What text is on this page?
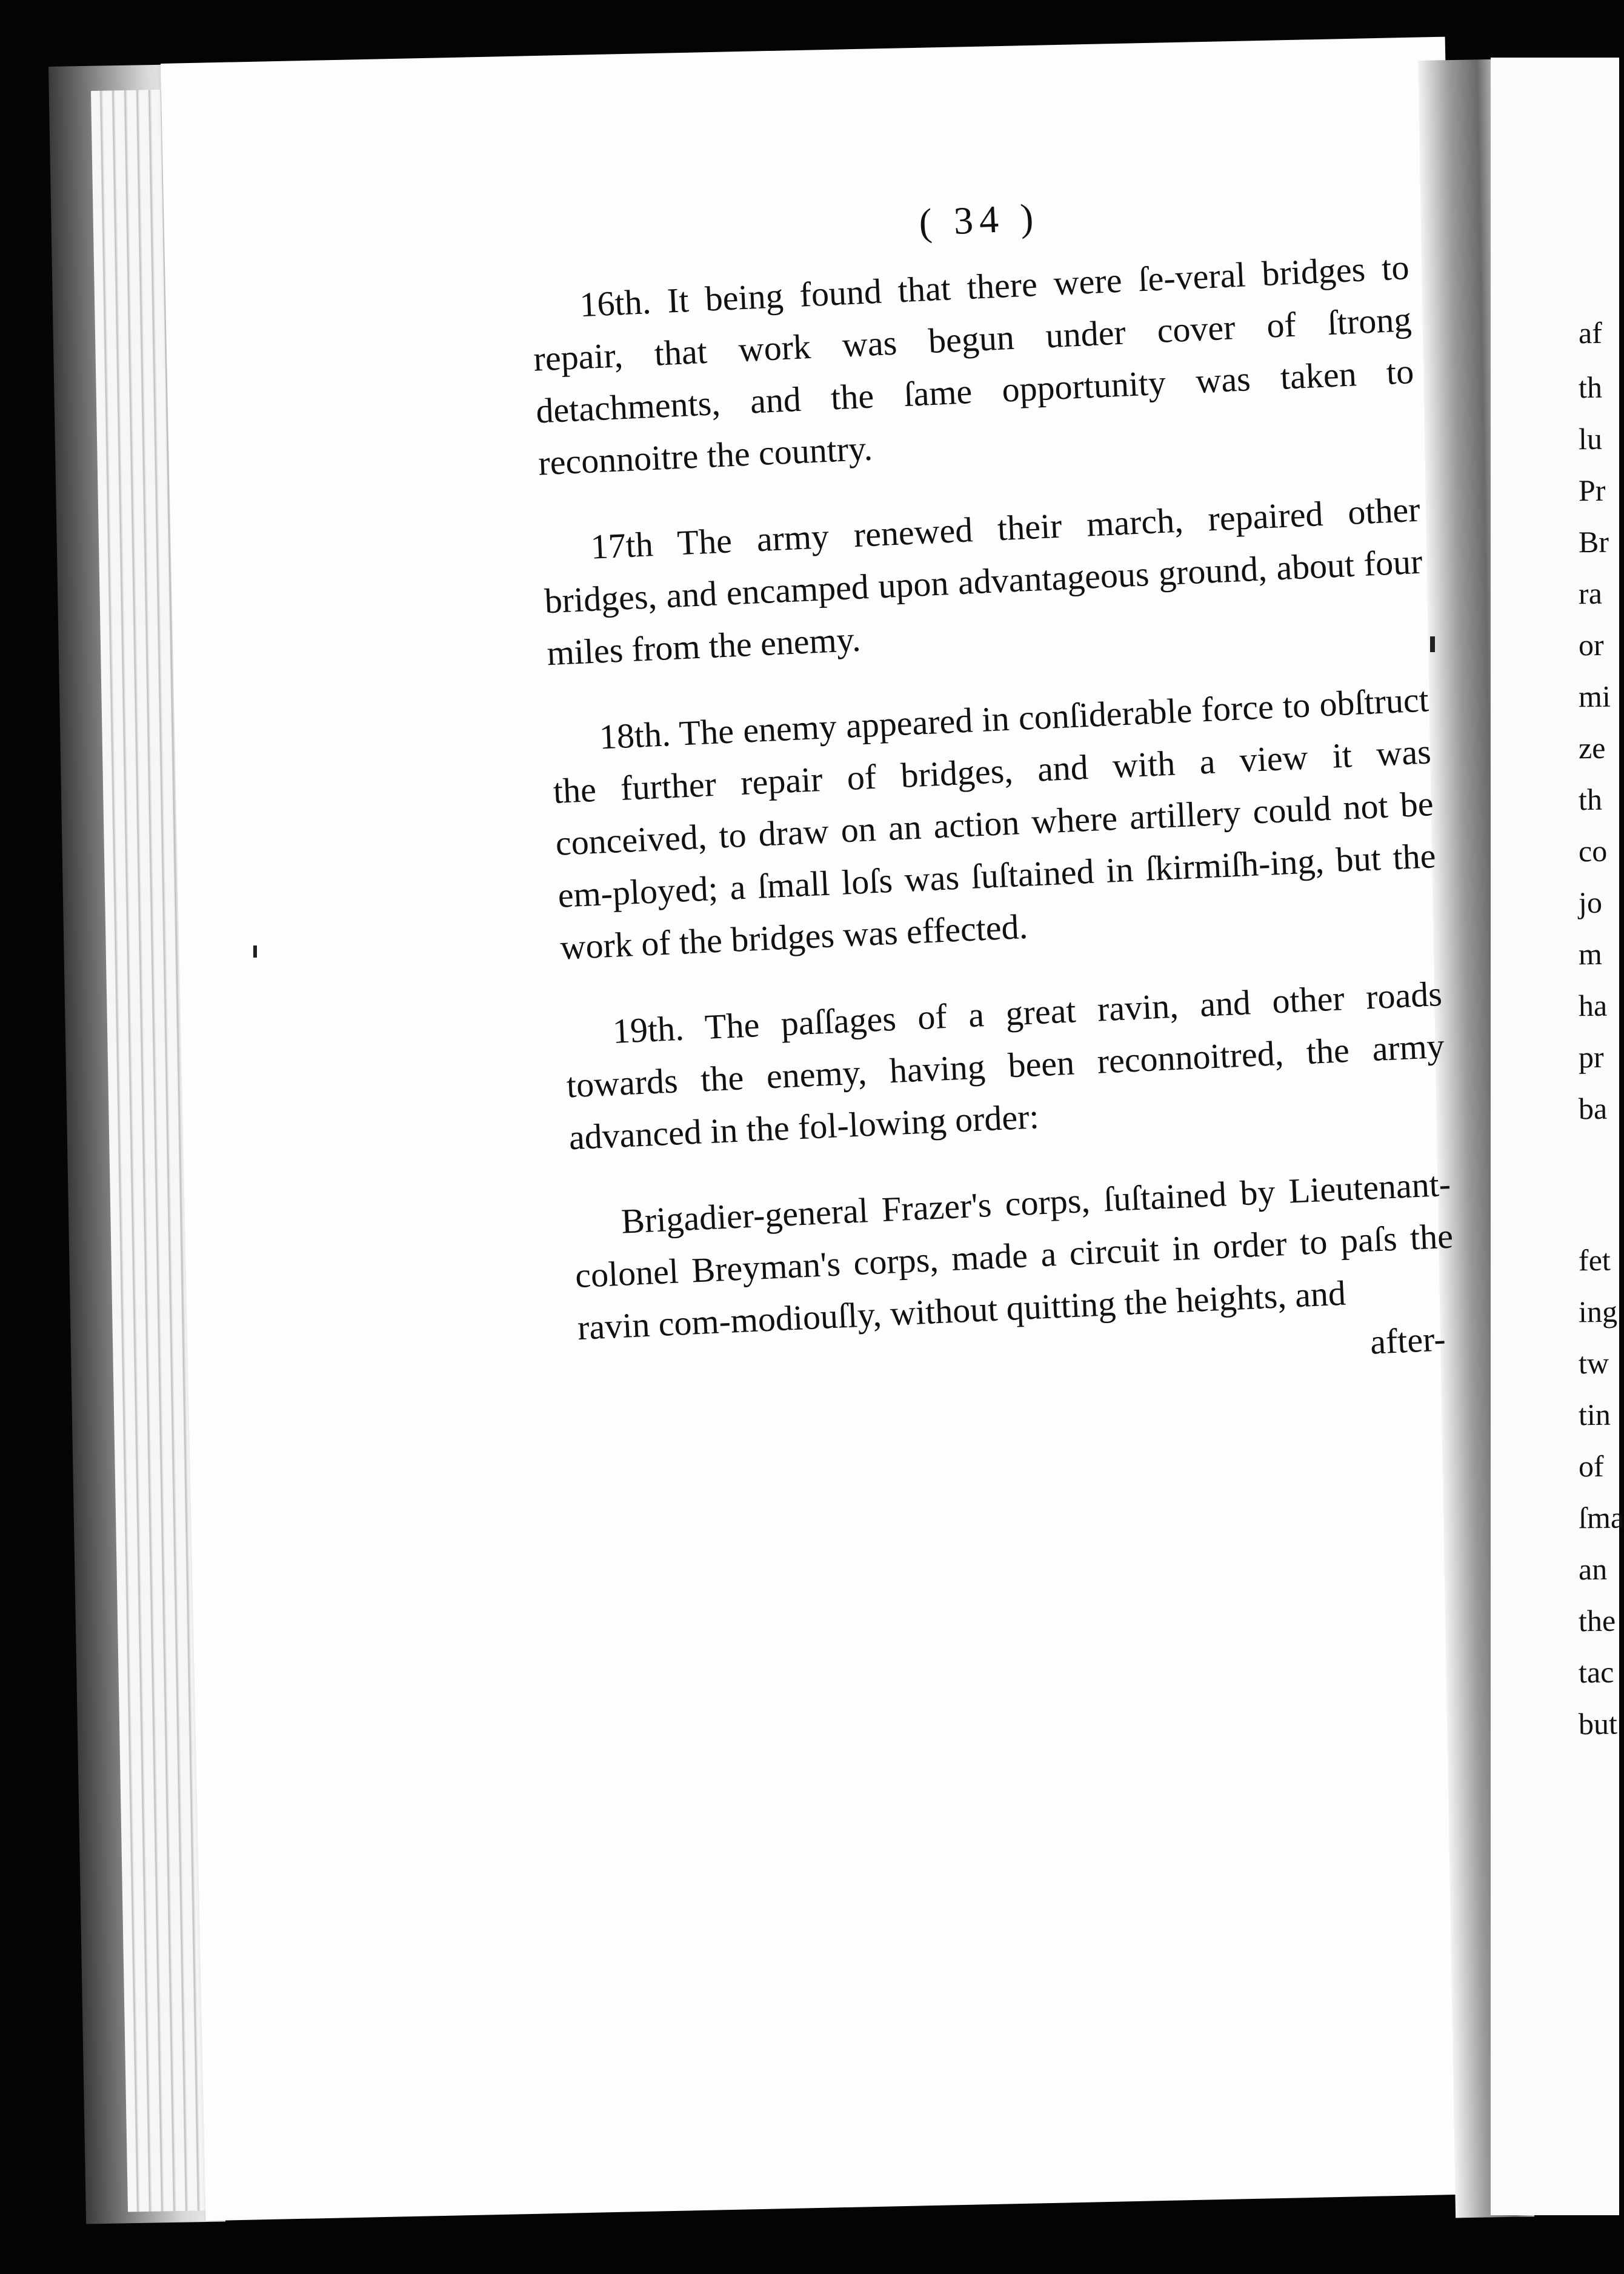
af
th
lu
Pr
Br
ra
or
mi
ze
th
co
jo
m
ha
pr
ba
fet
ing
tw
tin
of
ſma
an
the
tac
but
( 34 )

16th. It being found that there were ſe-veral bridges to repair, that work was begun under cover of ſtrong detachments, and the ſame opportunity was taken to reconnoitre the country.

17th The army renewed their march, repaired other bridges, and encamped upon advantageous ground, about four miles from the enemy.

18th. The enemy appeared in conſiderable force to obſtruct the further repair of bridges, and with a view it was conceived, to draw on an action where artillery could not be em-ployed; a ſmall loſs was ſuſtained in ſkirmiſh-ing, but the work of the bridges was effected.

19th. The paſſages of a great ravin, and other roads towards the enemy, having been reconnoitred, the army advanced in the fol-lowing order:

Brigadier-general Frazer's corps, ſuſtained by Lieutenant-colonel Breyman's corps, made a circuit in order to paſs the ravin com-modiouſly, without quitting the heights, and after-
